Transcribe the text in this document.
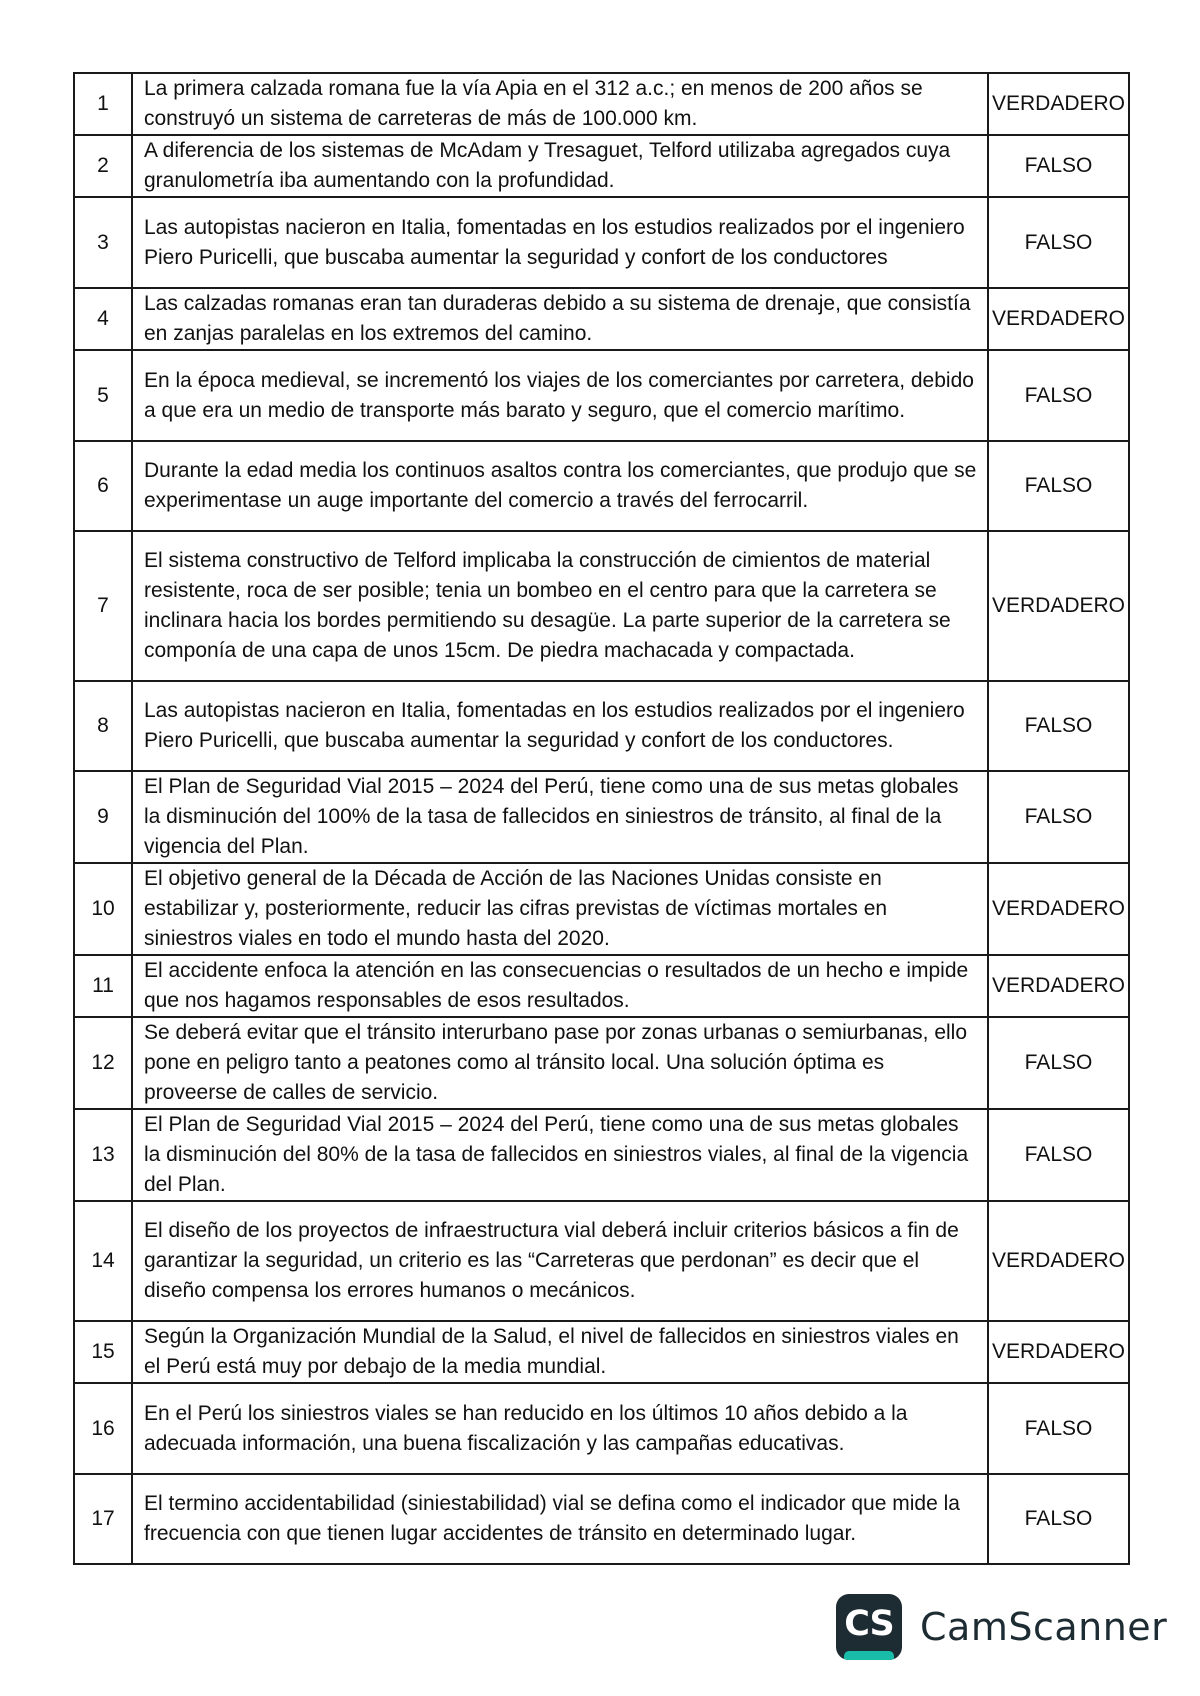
1	La primera calzada romana fue la vía Apia en el 312 a.c.; en menos de 200 años se construyó un sistema de carreteras de más de 100.000 km.	VERDADERO
2	A diferencia de los sistemas de McAdam y Tresaguet, Telford utilizaba agregados cuya granulometría iba aumentando con la profundidad.	FALSO
3	Las autopistas nacieron en Italia, fomentadas en los estudios realizados por el ingeniero Piero Puricelli, que buscaba aumentar la seguridad y confort de los conductores	FALSO
4	Las calzadas romanas eran tan duraderas debido a su sistema de drenaje, que consistía en zanjas paralelas en los extremos del camino.	VERDADERO
5	En la época medieval, se incrementó los viajes de los comerciantes por carretera, debido a que era un medio de transporte más barato y seguro, que el comercio marítimo.	FALSO
6	Durante la edad media los continuos asaltos contra los comerciantes, que produjo que se experimentase un auge importante del comercio a través del ferrocarril.	FALSO
7	El sistema constructivo de Telford implicaba la construcción de cimientos de material resistente, roca de ser posible; tenia un bombeo en el centro para que la carretera se inclinara hacia los bordes permitiendo su desagüe. La parte superior de la carretera se componía de una capa de unos 15cm. De piedra machacada y compactada.	VERDADERO
8	Las autopistas nacieron en Italia, fomentadas en los estudios realizados por el ingeniero Piero Puricelli, que buscaba aumentar la seguridad y confort de los conductores.	FALSO
9	El Plan de Seguridad Vial 2015 – 2024 del Perú, tiene como una de sus metas globales la disminución del 100% de la tasa de fallecidos en siniestros de tránsito, al final de la vigencia del Plan.	FALSO
10	El objetivo general de la Década de Acción de las Naciones Unidas consiste en estabilizar y, posteriormente, reducir las cifras previstas de víctimas mortales en siniestros viales en todo el mundo hasta del 2020.	VERDADERO
11	El accidente enfoca la atención en las consecuencias o resultados de un hecho e impide que nos hagamos responsables de esos resultados.	VERDADERO
12	Se deberá evitar que el tránsito interurbano pase por zonas urbanas o semiurbanas, ello pone en peligro tanto a peatones como al tránsito local. Una solución óptima es proveerse de calles de servicio.	FALSO
13	El Plan de Seguridad Vial 2015 – 2024 del Perú, tiene como una de sus metas globales la disminución del 80% de la tasa de fallecidos en siniestros viales, al final de la vigencia del Plan.	FALSO
14	El diseño de los proyectos de infraestructura vial deberá incluir criterios básicos a fin de garantizar la seguridad, un criterio es las “Carreteras que perdonan” es decir que el diseño compensa los errores humanos o mecánicos.	VERDADERO
15	Según la Organización Mundial de la Salud, el nivel de fallecidos en siniestros viales en el Perú está muy por debajo de la media mundial.	VERDADERO
16	En el Perú los siniestros viales se han reducido en los últimos 10 años debido a la adecuada información, una buena fiscalización y las campañas educativas.	FALSO
17	El termino accidentabilidad (siniestabilidad) vial se defina como el indicador que mide la frecuencia con que tienen lugar accidentes de tránsito en determinado lugar.	FALSO
CS CamScanner
